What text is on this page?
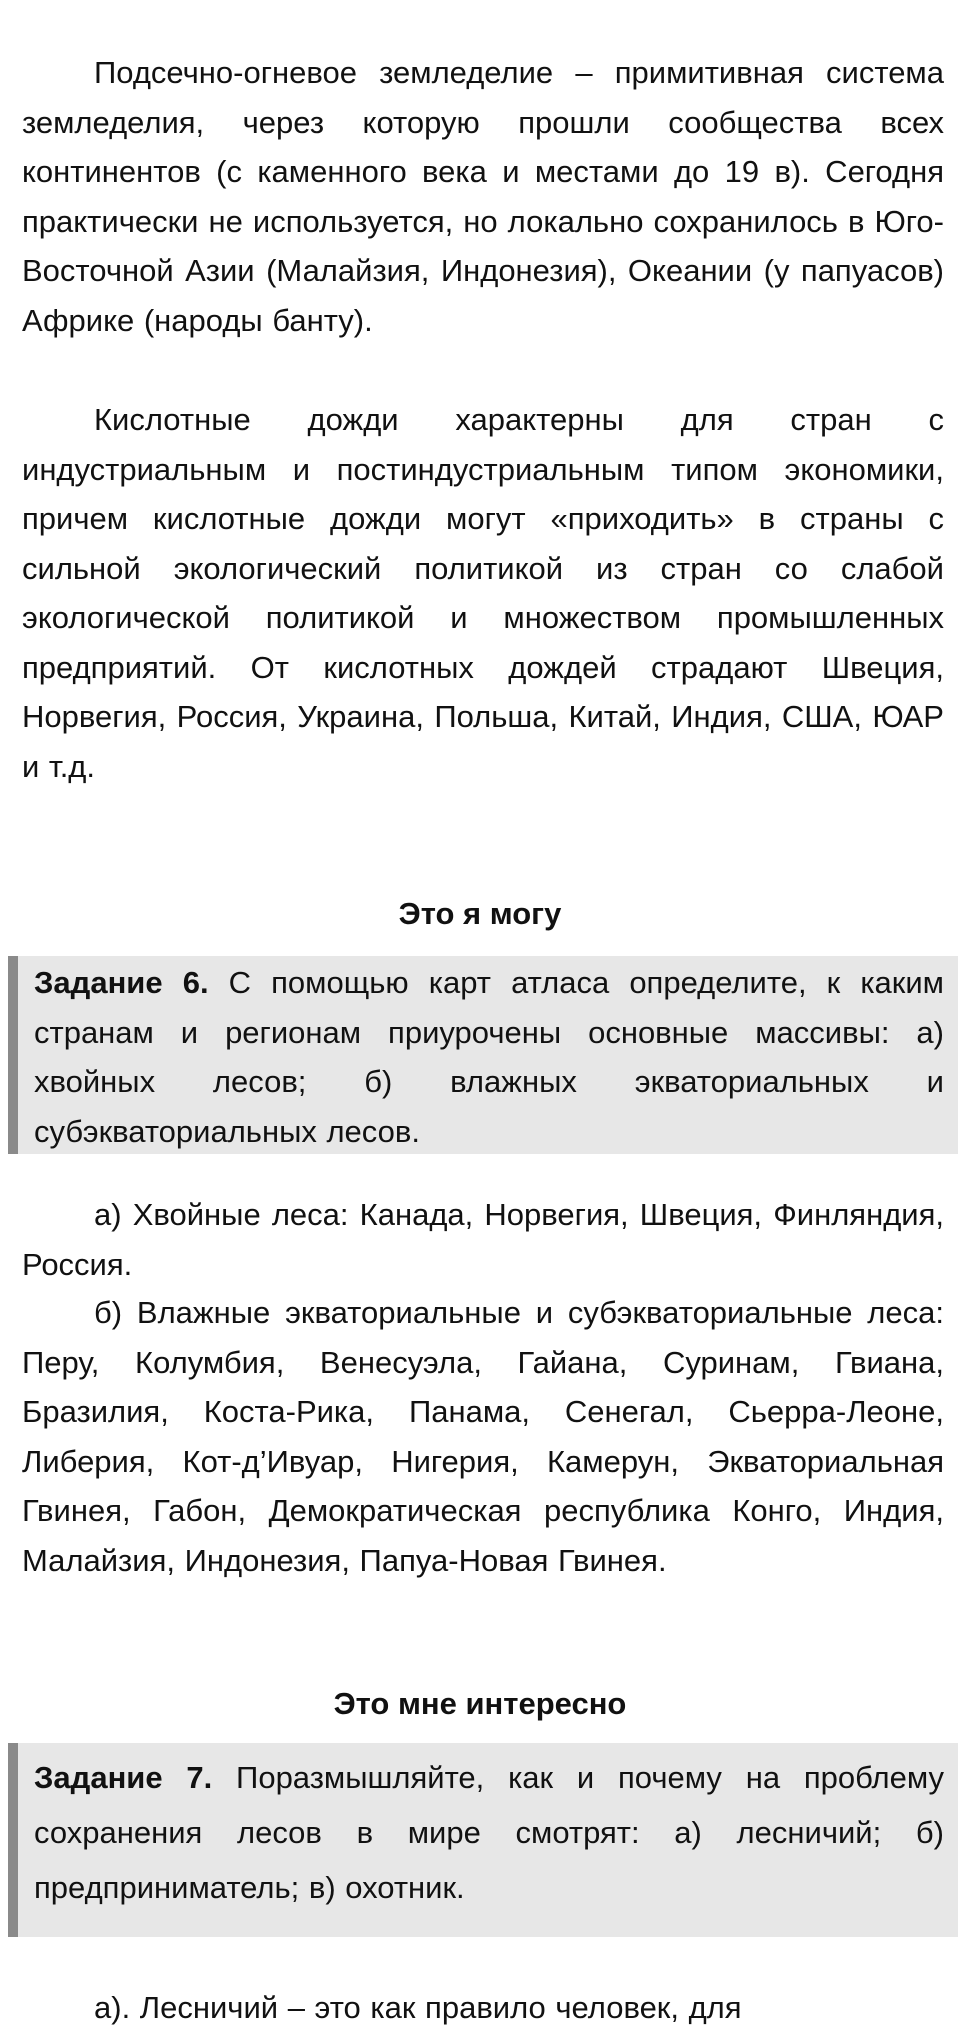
Подсечно-огневое земледелие – примитивная система земледелия, через которую прошли сообщества всех континентов (с каменного века и местами до 19 в). Сегодня практически не используется, но локально сохранилось в Юго-Восточной Азии (Малайзия, Индонезия), Океании (у папуасов) Африке (народы банту).

Кислотные дожди характерны для стран с индустриальным и постиндустриальным типом экономики, причем кислотные дожди могут «приходить» в страны с сильной экологический политикой из стран со слабой экологической политикой и множеством промышленных предприятий. От кислотных дождей страдают Швеция, Норвегия, Россия, Украина, Польша, Китай, Индия, США, ЮАР и т.д.

Это я могу

Задание 6. С помощью карт атласа определите, к каким странам и регионам приурочены основные массивы: а) хвойных лесов; б) влажных экваториальных и субэкваториальных лесов.

а) Хвойные леса: Канада, Норвегия, Швеция, Финляндия, Россия.

б) Влажные экваториальные и субэкваториальные леса: Перу, Колумбия, Венесуэла, Гайана, Суринам, Гвиана, Бразилия, Коста-Рика, Панама, Сенегал, Сьерра-Леоне, Либерия, Кот-д’Ивуар, Нигерия, Камерун, Экваториальная Гвинея, Габон, Демократическая республика Конго, Индия, Малайзия, Индонезия, Папуа-Новая Гвинея.

Это мне интересно

Задание 7. Поразмышляйте, как и почему на проблему сохранения лесов в мире смотрят: а) лесничий; б) предприниматель; в) охотник.

а). Лесничий – это как правило человек, для
